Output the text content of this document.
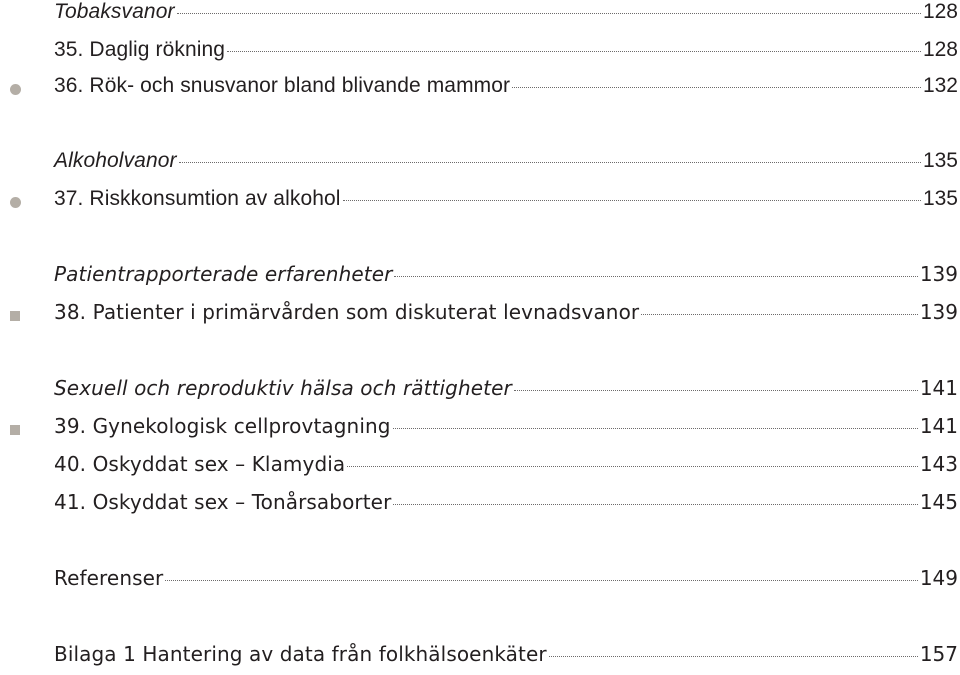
Tobaksvanor	128
35. Daglig rökning	128
36. Rök- och snusvanor bland blivande mammor	132
Alkoholvanor	135
37. Riskkonsumtion av alkohol	135
Patientrapporterade erfarenheter	139
38. Patienter i primärvården som diskuterat levnadsvanor	139
Sexuell och reproduktiv hälsa och rättigheter	141
39. Gynekologisk cellprovtagning	141
40. Oskyddat sex – Klamydia	143
41. Oskyddat sex – Tonårsaborter	145
Referenser	149
Bilaga 1 Hantering av data från folkhälsoenkäter	157
